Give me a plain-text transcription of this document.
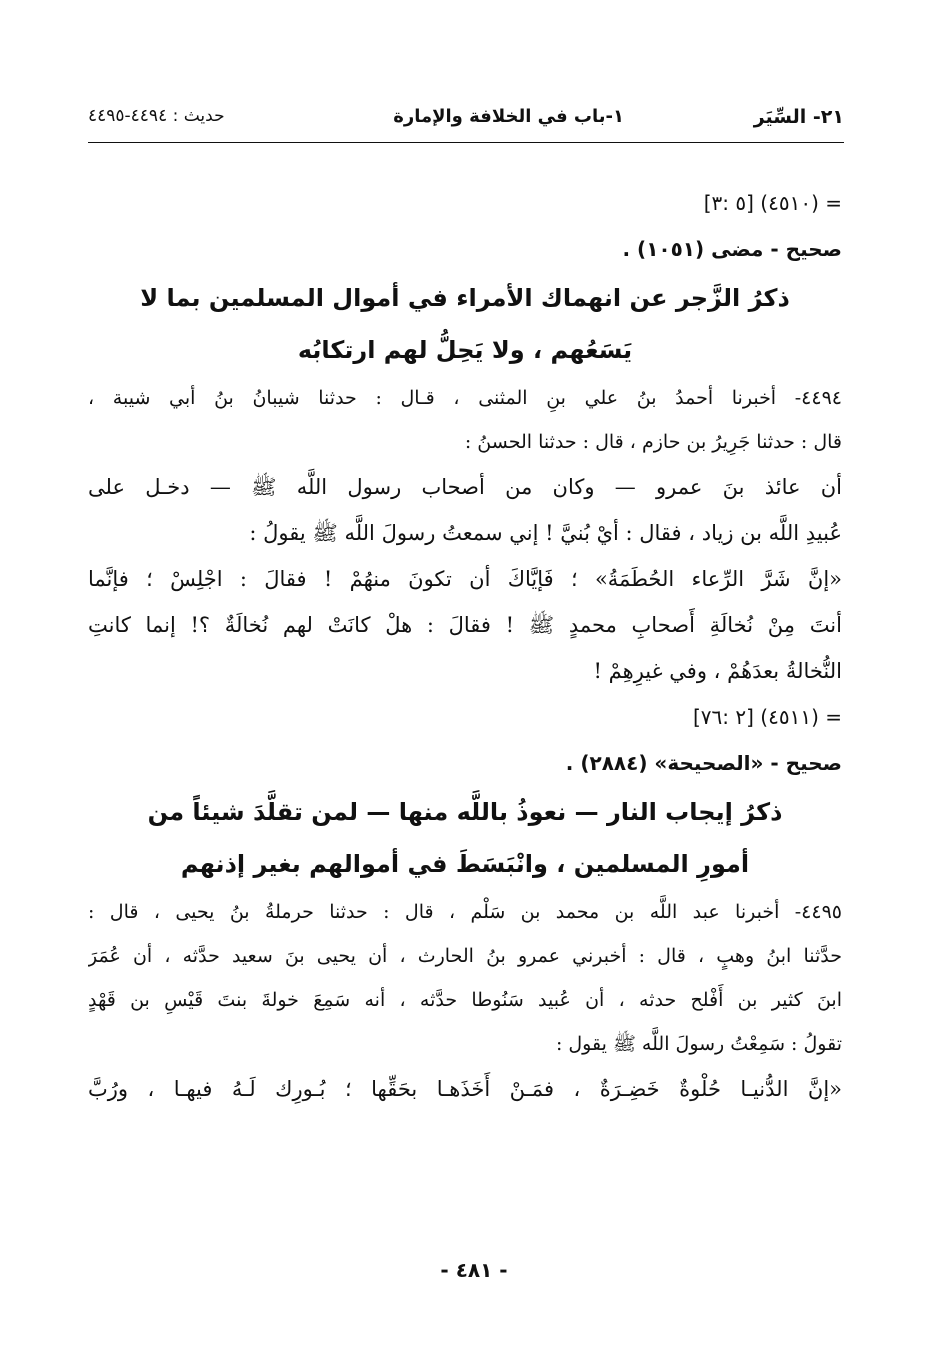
٢١- السِّيَر
١-باب في الخلافة والإمارة
حديث : ٤٤٩٤-٤٤٩٥
= (٤٥١٠) [٥ :٣]
صحيح - مضى (١٠٥١) .
ذكرُ الزَّجر عن انهماك الأمراء في أموال المسلمين بما لا
يَسَعُهم ، ولا يَحِلُّ لهم ارتكابُه
٤٤٩٤- أخبرنا أحمدُ بنُ علي بنِ المثنى ، قـال : حدثنا شيبانُ بنُ أبي شيبة ،
قال : حدثنا جَرِيرُ بن حازم ، قال : حدثنا الحسنُ :
أن عائذ بنَ عمرو — وكان من أصحاب رسول اللَّه ﷺ — دخـل على
عُبيدِ اللَّه بن زياد ، فقال : أيْ بُنيَّ ! إني سمعتُ رسولَ اللَّه ﷺ يقولُ :
«إنَّ شَرَّ الرِّعاء الحُطَمَةُ» ؛ فَإيَّاكَ أن تكونَ منهُمْ ! فقالَ : اجْلِسْ ؛ فإنَّما
أنتَ مِنْ نُخالَةِ أَصحابِ محمدٍ ﷺ ! فقالَ : هلْ كانَتْ لهم نُخالَةٌ ؟! إنما كانتِ
النُّخالةُ بعدَهُمْ ، وفي غيرِهِمْ !
= (٤٥١١) [٢ :٧٦]
صحيح - «الصحيحة» (٢٨٨٤) .
ذكرُ إيجاب النار — نعوذُ باللَّه منها — لمن تقلَّدَ شيئاً من
أمورِ المسلمين ، وانْبَسَطَ في أموالهم بغير إذنهم
٤٤٩٥- أخبرنا عبد اللَّه بن محمد بن سَلْم ، قال : حدثنا حرملةُ بنُ يحيى ، قال :
حدَّثنا ابنُ وهبٍ ، قال : أخبرني عمرو بنُ الحارث ، أن يحيى بنَ سعيد حدَّثه ، أن عُمَرَ
ابنَ كثير بن أَفْلح حدثه ، أن عُبيد سَنُوطا حدَّثه ، أنه سَمِعَ خولةَ بنتَ قَيْسِ بن قَهْدٍ
تقولُ : سَمِعْتُ رسولَ اللَّه ﷺ يقول :
«إنَّ الدُّنيـا حُلْوةٌ خَضِـرَةٌ ، فمَـنْ أَخَذَهـا بحَقِّها ؛ بُـورِك لَـهُ فيهـا ، ورُبَّ
- ٤٨١ -
